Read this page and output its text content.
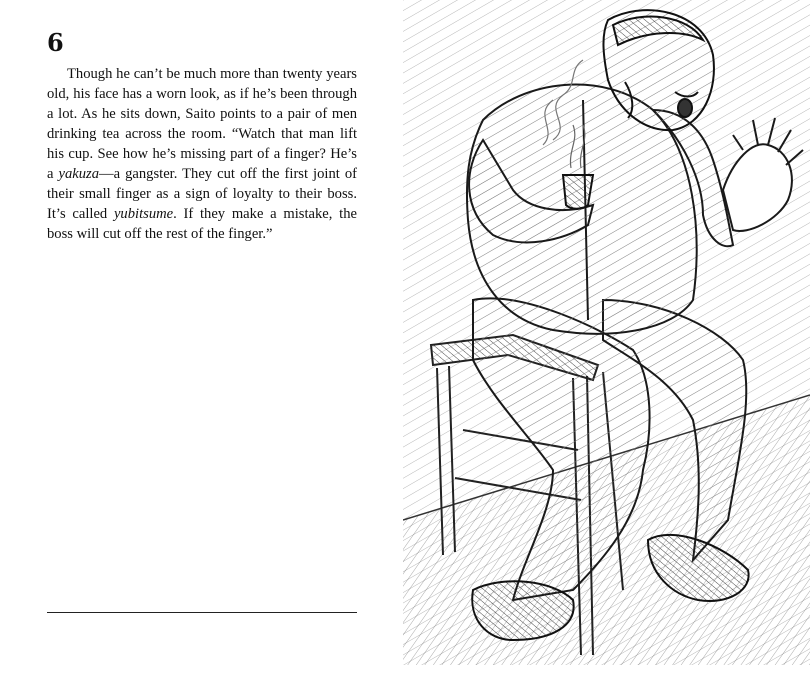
6

Though he can’t be much more than twenty years old, his face has a worn look, as if he’s been through a lot. As he sits down, Saito points to a pair of men drinking tea across the room. “Watch that man lift his cup. See how he’s missing part of a finger? He’s a yakuza—a gangster. They cut off the first joint of their small finger as a sign of loyalty to their boss. It’s called yubitsume. If they make a mistake, the boss will cut off the rest of the finger.”
